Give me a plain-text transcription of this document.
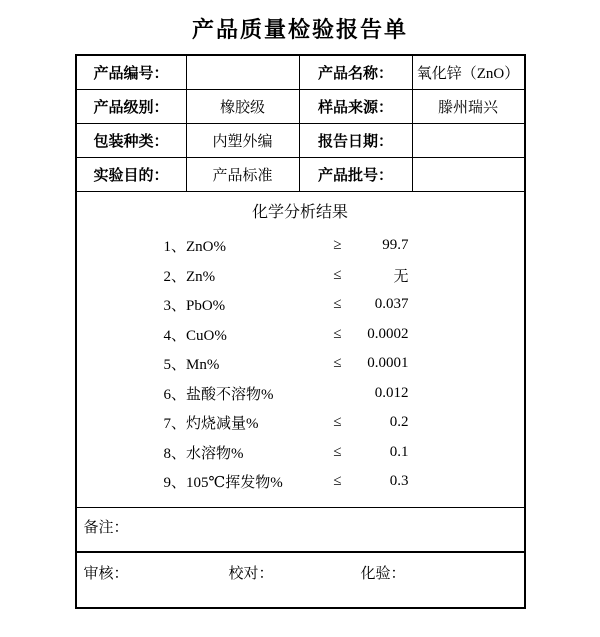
产品质量检验报告单
产品编号：	产品名称：	氧化锌（ZnO）
产品级别：	橡胶级	样品来源：	滕州瑞兴
包装种类：	内塑外编	报告日期：
实验目的：	产品标准	产品批号：
化学分析结果
1、ZnO%	≥	99.7
2、Zn%	≤	无
3、PbO%	≤	0.037
4、CuO%	≤	0.0002
5、Mn%	≤	0.0001
6、盐酸不溶物%	0.012
7、灼烧减量%	≤	0.2
8、水溶物%	≤	0.1
9、105℃挥发物%	≤	0.3
备注：
审核：	校对：	化验：
